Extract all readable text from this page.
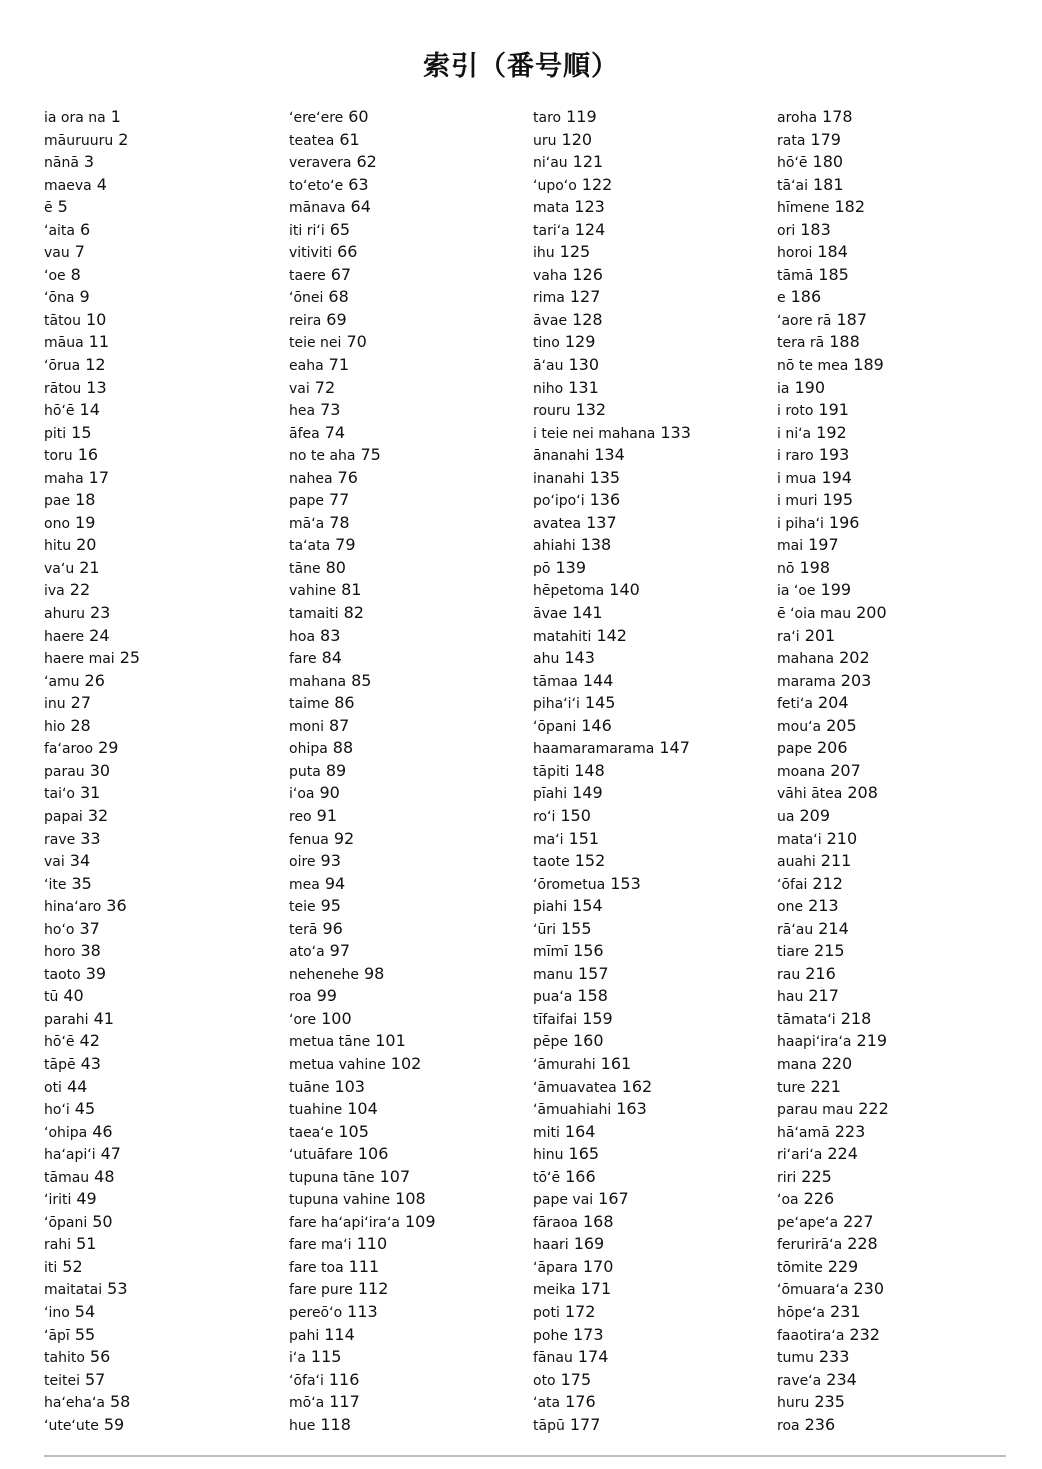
索引（番号順）
ia ora na 1
māuruuru 2
nānā 3
maeva 4
ē 5
ʻaita 6
vau 7
ʻoe 8
ʻōna 9
tātou 10
māua 11
ʻōrua 12
rātou 13
hōʻē 14
piti 15
toru 16
maha 17
pae 18
ono 19
hitu 20
vaʻu 21
iva 22
ahuru 23
haere 24
haere mai 25
ʻamu 26
inu 27
hio 28
faʻaroo 29
parau 30
taiʻo 31
papai 32
rave 33
vai 34
ʻite 35
hinaʻaro 36
hoʻo 37
horo 38
taoto 39
tū 40
parahi 41
hōʻē 42
tāpē 43
oti 44
hoʻi 45
ʻohipa 46
haʻapiʻi 47
tāmau 48
ʻiriti 49
ʻōpani 50
rahi 51
iti 52
maitatai 53
ʻino 54
ʻāpī 55
tahito 56
teitei 57
haʻehaʻa 58
ʻuteʻute 59
ʻereʻere 60
teatea 61
veravera 62
toʻetoʻe 63
mānava 64
iti riʻi 65
vitiviti 66
taere 67
ʻōnei 68
reira 69
teie nei 70
eaha 71
vai 72
hea 73
āfea 74
no te aha 75
nahea 76
pape 77
māʻa 78
taʻata 79
tāne 80
vahine 81
tamaiti 82
hoa 83
fare 84
mahana 85
taime 86
moni 87
ohipa 88
puta 89
iʻoa 90
reo 91
fenua 92
oire 93
mea 94
teie 95
terā 96
atoʻa 97
nehenehe 98
roa 99
ʻore 100
metua tāne 101
metua vahine 102
tuāne 103
tuahine 104
taeaʻe 105
ʻutuāfare 106
tupuna tāne 107
tupuna vahine 108
fare haʻapiʻiraʻa 109
fare maʻi 110
fare toa 111
fare pure 112
pereōʻo 113
pahi 114
iʻa 115
ʻōfaʻi 116
mōʻa 117
hue 118
taro 119
uru 120
niʻau 121
ʻupoʻo 122
mata 123
tariʻa 124
ihu 125
vaha 126
rima 127
āvae 128
tino 129
āʻau 130
niho 131
rouru 132
i teie nei mahana 133
ānanahi 134
inanahi 135
poʻipoʻi 136
avatea 137
ahiahi 138
pō 139
hēpetoma 140
āvae 141
matahiti 142
ahu 143
tāmaa 144
pihaʻiʻi 145
ʻōpani 146
haamaramarama 147
tāpiti 148
pīahi 149
roʻi 150
maʻi 151
taote 152
ʻōrometua 153
piahi 154
ʻūri 155
mīmī 156
manu 157
puaʻa 158
tīfaifai 159
pēpe 160
ʻāmurahi 161
ʻāmuavatea 162
ʻāmuahiahi 163
miti 164
hinu 165
tōʻē 166
pape vai 167
fāraoa 168
haari 169
ʻāpara 170
meika 171
poti 172
pohe 173
fānau 174
oto 175
ʻata 176
tāpū 177
aroha 178
rata 179
hōʻē 180
tāʻai 181
hīmene 182
ori 183
horoi 184
tāmā 185
e 186
ʻaore rā 187
tera rā 188
nō te mea 189
ia 190
i roto 191
i niʻa 192
i raro 193
i mua 194
i muri 195
i pihaʻi 196
mai 197
nō 198
ia ʻoe 199
ē ʻoia mau 200
raʻi 201
mahana 202
marama 203
fetiʻa 204
mouʻa 205
pape 206
moana 207
vāhi ātea 208
ua 209
mataʻi 210
auahi 211
ʻōfai 212
one 213
rāʻau 214
tiare 215
rau 216
hau 217
tāmataʻi 218
haapiʻiraʻa 219
mana 220
ture 221
parau mau 222
hāʻamā 223
riʻariʻa 224
riri 225
ʻoa 226
peʻapeʻa 227
ferurirāʻa 228
tōmite 229
ʻōmuaraʻa 230
hōpeʻa 231
faaotiraʻa 232
tumu 233
raveʻa 234
huru 235
roa 236
